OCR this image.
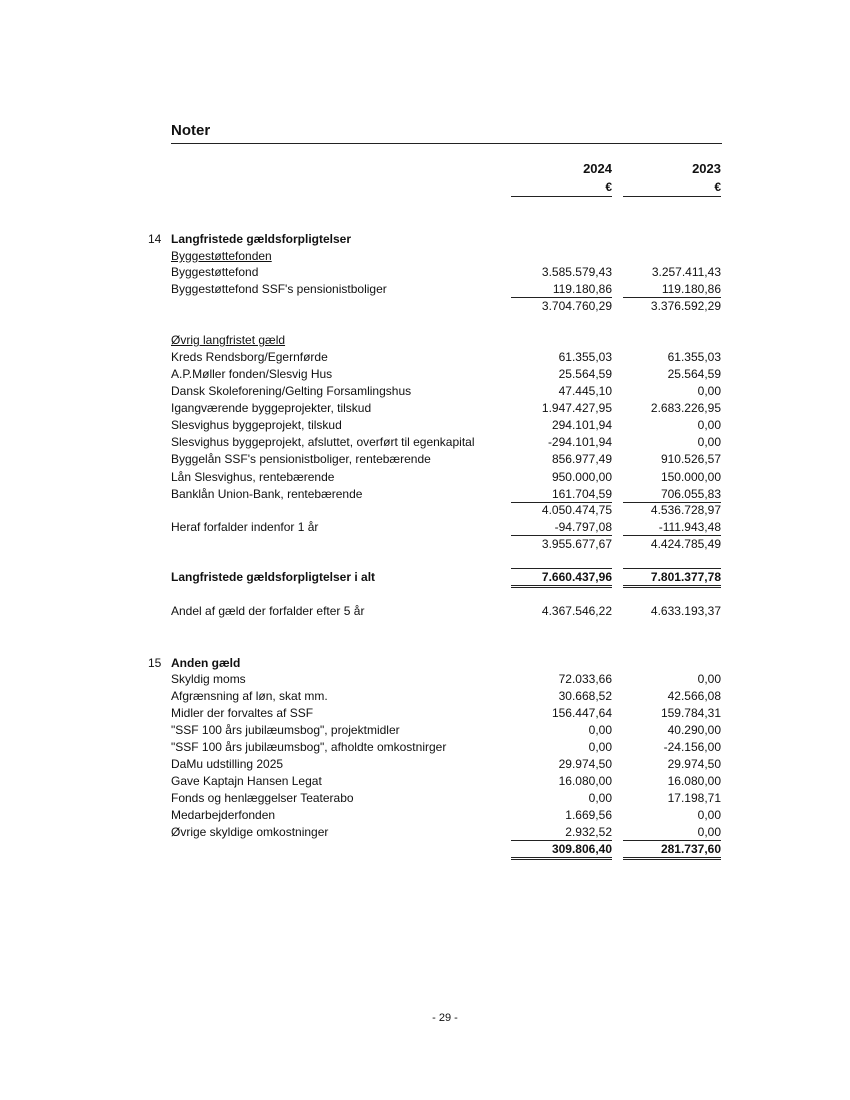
Noter
2024	2023
€	€
14 Langfristede gældsforpligtelser
Byggestøttefonden
Byggestøttefond	3.585.579,43	3.257.411,43
Byggestøttefond SSF's pensionistboliger	119.180,86	119.180,86
3.704.760,29	3.376.592,29
Øvrig langfristet gæld
Kreds Rendsborg/Egernførde	61.355,03	61.355,03
A.P.Møller fonden/Slesvig Hus	25.564,59	25.564,59
Dansk Skoleforening/Gelting Forsamlingshus	47.445,10	0,00
Igangværende byggeprojekter, tilskud	1.947.427,95	2.683.226,95
Slesvighus byggeprojekt, tilskud	294.101,94	0,00
Slesvighus byggeprojekt, afsluttet, overført til egenkapital	-294.101,94	0,00
Byggelån SSF's pensionistboliger, rentebærende	856.977,49	910.526,57
Lån Slesvighus, rentebærende	950.000,00	150.000,00
Banklån Union-Bank, rentebærende	161.704,59	706.055,83
4.050.474,75	4.536.728,97
Heraf forfalder indenfor 1 år	-94.797,08	-111.943,48
3.955.677,67	4.424.785,49
Langfristede gældsforpligtelser i alt	7.660.437,96	7.801.377,78
Andel af gæld der forfalder efter 5 år	4.367.546,22	4.633.193,37
15 Anden gæld
Skyldig moms	72.033,66	0,00
Afgrænsning af løn, skat mm.	30.668,52	42.566,08
Midler der forvaltes af SSF	156.447,64	159.784,31
"SSF 100 års jubilæumsbog", projektmidler	0,00	40.290,00
"SSF 100 års jubilæumsbog", afholdte omkostnirger	0,00	-24.156,00
DaMu udstilling 2025	29.974,50	29.974,50
Gave Kaptajn Hansen Legat	16.080,00	16.080,00
Fonds og henlæggelser Teaterabo	0,00	17.198,71
Medarbejderfonden	1.669,56	0,00
Øvrige skyldige omkostninger	2.932,52	0,00
309.806,40	281.737,60
- 29 -
